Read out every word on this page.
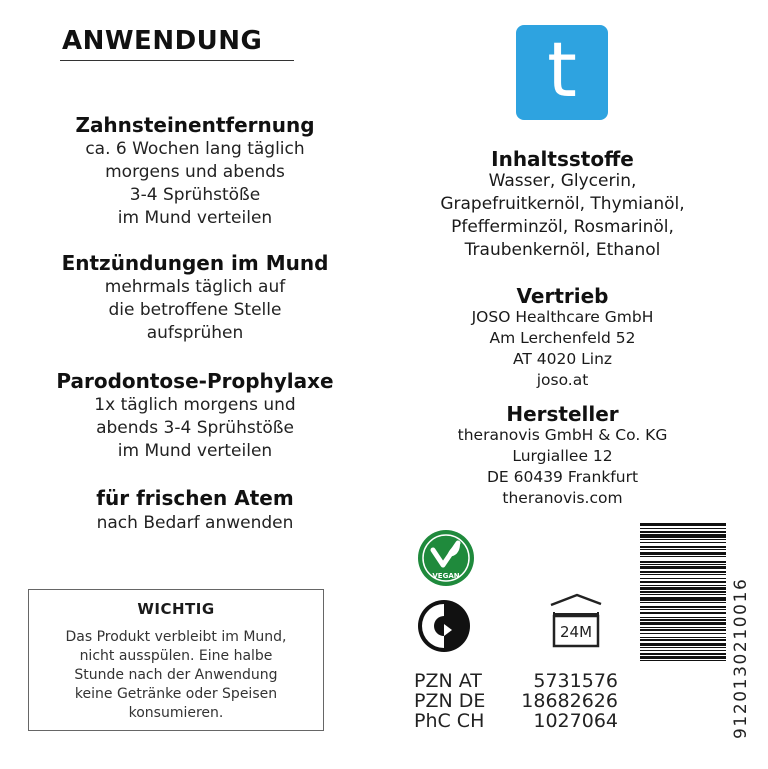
ANWENDUNG
Zahnsteinentfernung
ca. 6 Wochen lang täglich
morgens und abends
3-4 Sprühstöße
im Mund verteilen
Entzündungen im Mund
mehrmals täglich auf
die betroffene Stelle
aufsprühen
Parodontose-Prophylaxe
1x täglich morgens und
abends 3-4 Sprühstöße
im Mund verteilen
für frischen Atem
nach Bedarf anwenden
WICHTIG
Das Produkt verbleibt im Mund,
nicht ausspülen. Eine halbe
Stunde nach der Anwendung
keine Getränke oder Speisen
konsumieren.
t
Inhaltsstoffe
Wasser, Glycerin,
Grapefruitkernöl, Thymianöl,
Pfefferminzöl, Rosmarinöl,
Traubenkernöl, Ethanol
Vertrieb
JOSO Healthcare GmbH
Am Lerchenfeld 52
AT 4020 Linz
joso.at
Hersteller
theranovis GmbH & Co. KG
Lurgiallee 12
DE 60439 Frankfurt
theranovis.com
VEGAN
24M
PZN AT
PZN DE
PhC CH
5731576
18682626
1027064	9120130210016
